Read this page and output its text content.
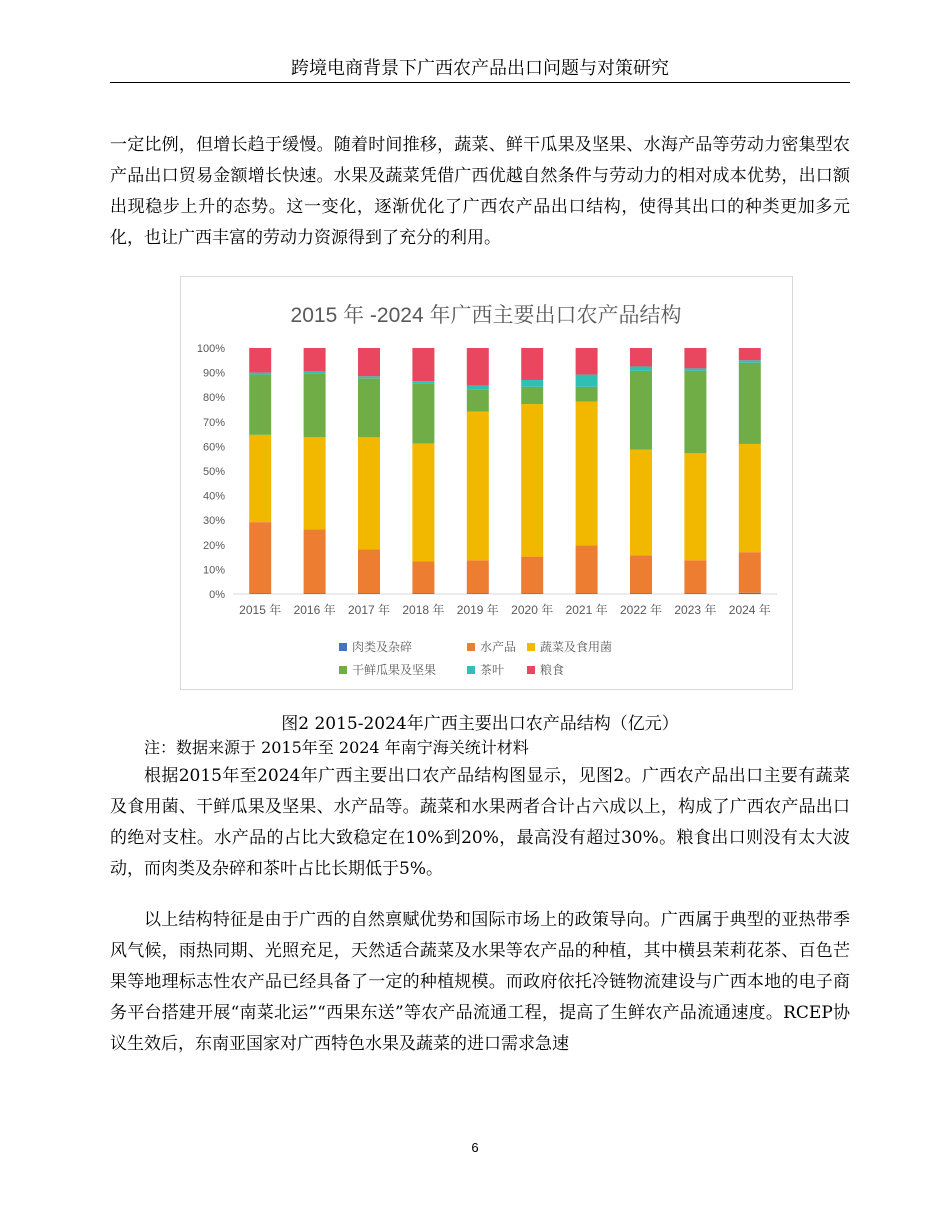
跨境电商背景下广西农产品出口问题与对策研究

一定比例，但增长趋于缓慢。随着时间推移，蔬菜、鲜干瓜果及坚果、水海产品等劳动力密集型农产品出口贸易金额增长快速。水果及蔬菜凭借广西优越自然条件与劳动力的相对成本优势，出口额出现稳步上升的态势。这一变化，逐渐优化了广西农产品出口结构，使得其出口的种类更加多元化，也让广西丰富的劳动力资源得到了充分的利用。

2015 年 -2024 年广西主要出口农产品结构
0%
10%
20%
30%
40%
50%
60%
70%
80%
90%
100%
2015 年 2016 年 2017 年 2018 年 2019 年 2020 年 2021 年 2022 年 2023 年 2024 年
肉类及杂碎	水产品 蔬菜及食用菌
干鲜瓜果及坚果	茶叶	粮食
图2 2015-2024年广西主要出口农产品结构（亿元）
注：数据来源于 2015年至 2024 年南宁海关统计材料

根据2015年至2024年广西主要出口农产品结构图显示，见图2。广西农产品出口主要有蔬菜及食用菌、干鲜瓜果及坚果、水产品等。蔬菜和水果两者合计占六成以上，构成了广西农产品出口的绝对支柱。水产品的占比大致稳定在10%到20%，最高没有超过30%。粮食出口则没有太大波动，而肉类及杂碎和茶叶占比长期低于5%。

以上结构特征是由于广西的自然禀赋优势和国际市场上的政策导向。广西属于典型的亚热带季风气候，雨热同期、光照充足，天然适合蔬菜及水果等农产品的种植，其中横县茉莉花茶、百色芒果等地理标志性农产品已经具备了一定的种植规模。而政府依托冷链物流建设与广西本地的电子商务平台搭建开展“南菜北运”“西果东送”等农产品流通工程，提高了生鲜农产品流通速度。RCEP协议生效后，东南亚国家对广西特色水果及蔬菜的进口需求急速

6
